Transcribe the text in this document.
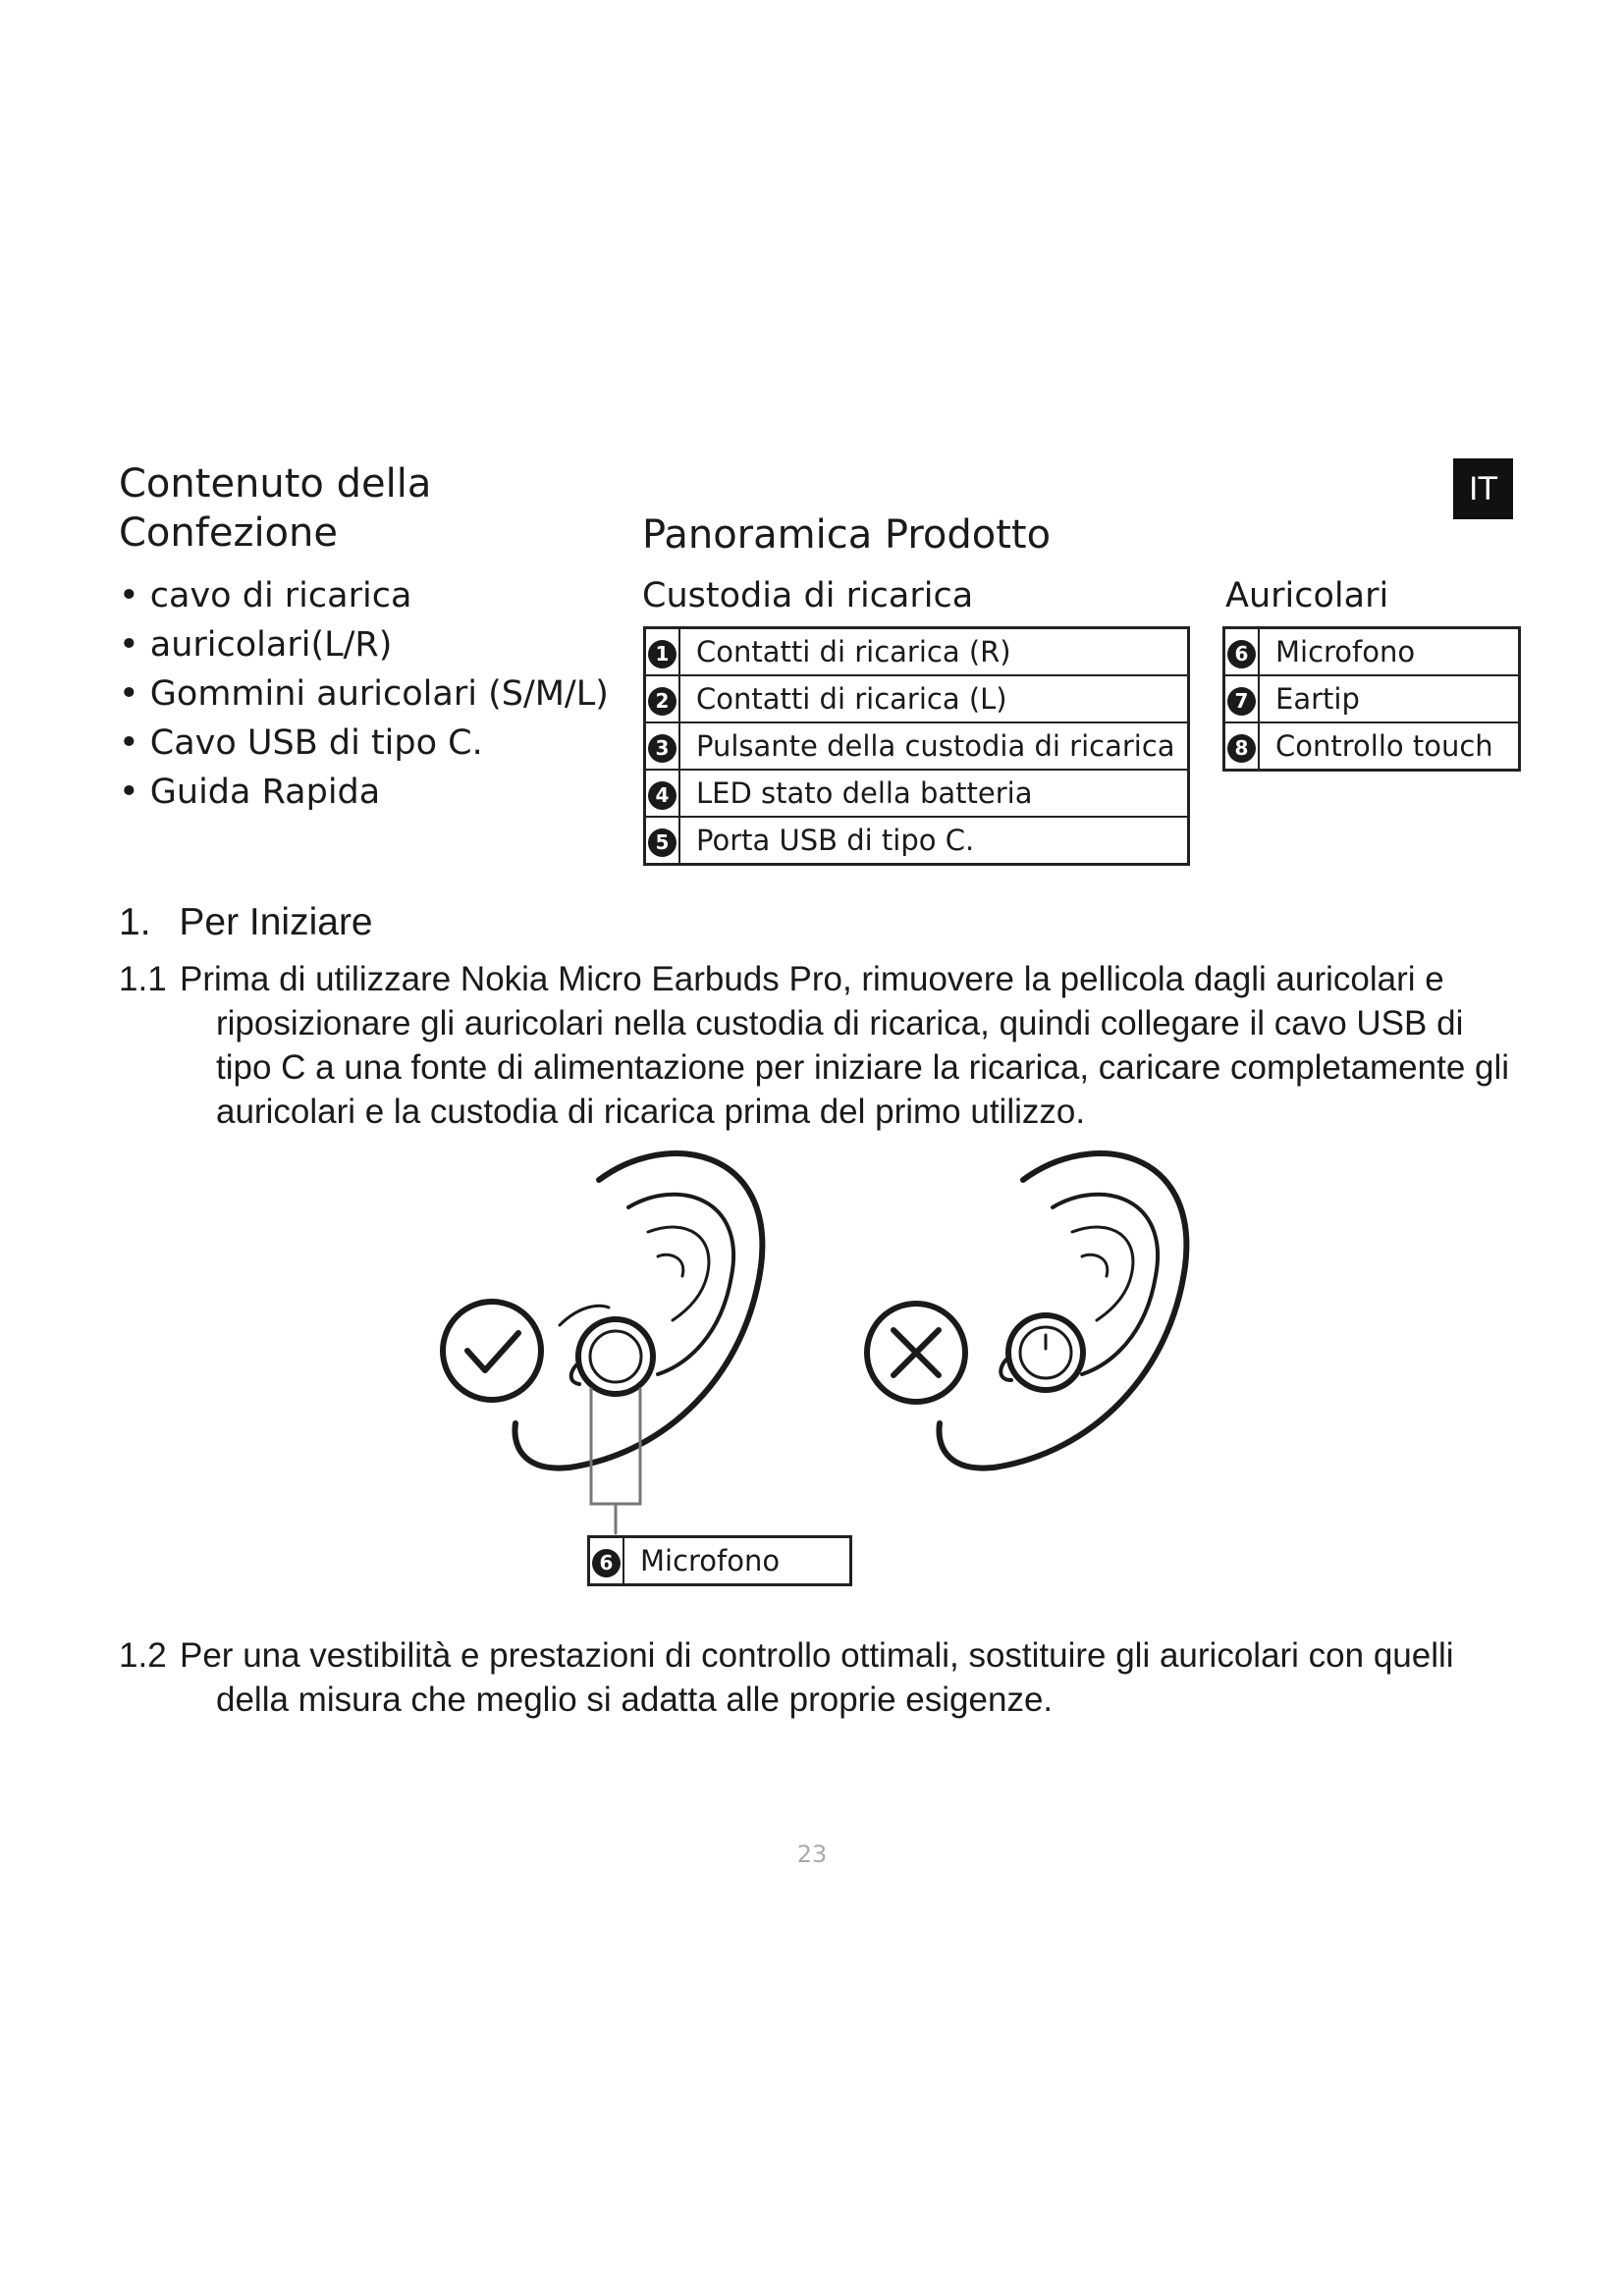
IT
Contenuto della Confezione
• cavo di ricarica
• auricolari(L/R)
• Gommini auricolari (S/M/L)
• Cavo USB di tipo C.
• Guida Rapida
Panoramica Prodotto
Custodia di ricarica
1	Contatti di ricarica (R)
2	Contatti di ricarica (L)
3	Pulsante della custodia di ricarica
4	LED stato della batteria
5	Porta USB di tipo C.
Auricolari
6	Microfono
7	Eartip
8	Controllo touch
1. Per Iniziare
1.1 Prima di utilizzare Nokia Micro Earbuds Pro, rimuovere la pellicola dagli auricolari e riposizionare gli auricolari nella custodia di ricarica, quindi collegare il cavo USB di tipo C a una fonte di alimentazione per iniziare la ricarica, caricare completamente gli auricolari e la custodia di ricarica prima del primo utilizzo.
6	Microfono
1.2 Per una vestibilità e prestazioni di controllo ottimali, sostituire gli auricolari con quelli della misura che meglio si adatta alle proprie esigenze.
23
